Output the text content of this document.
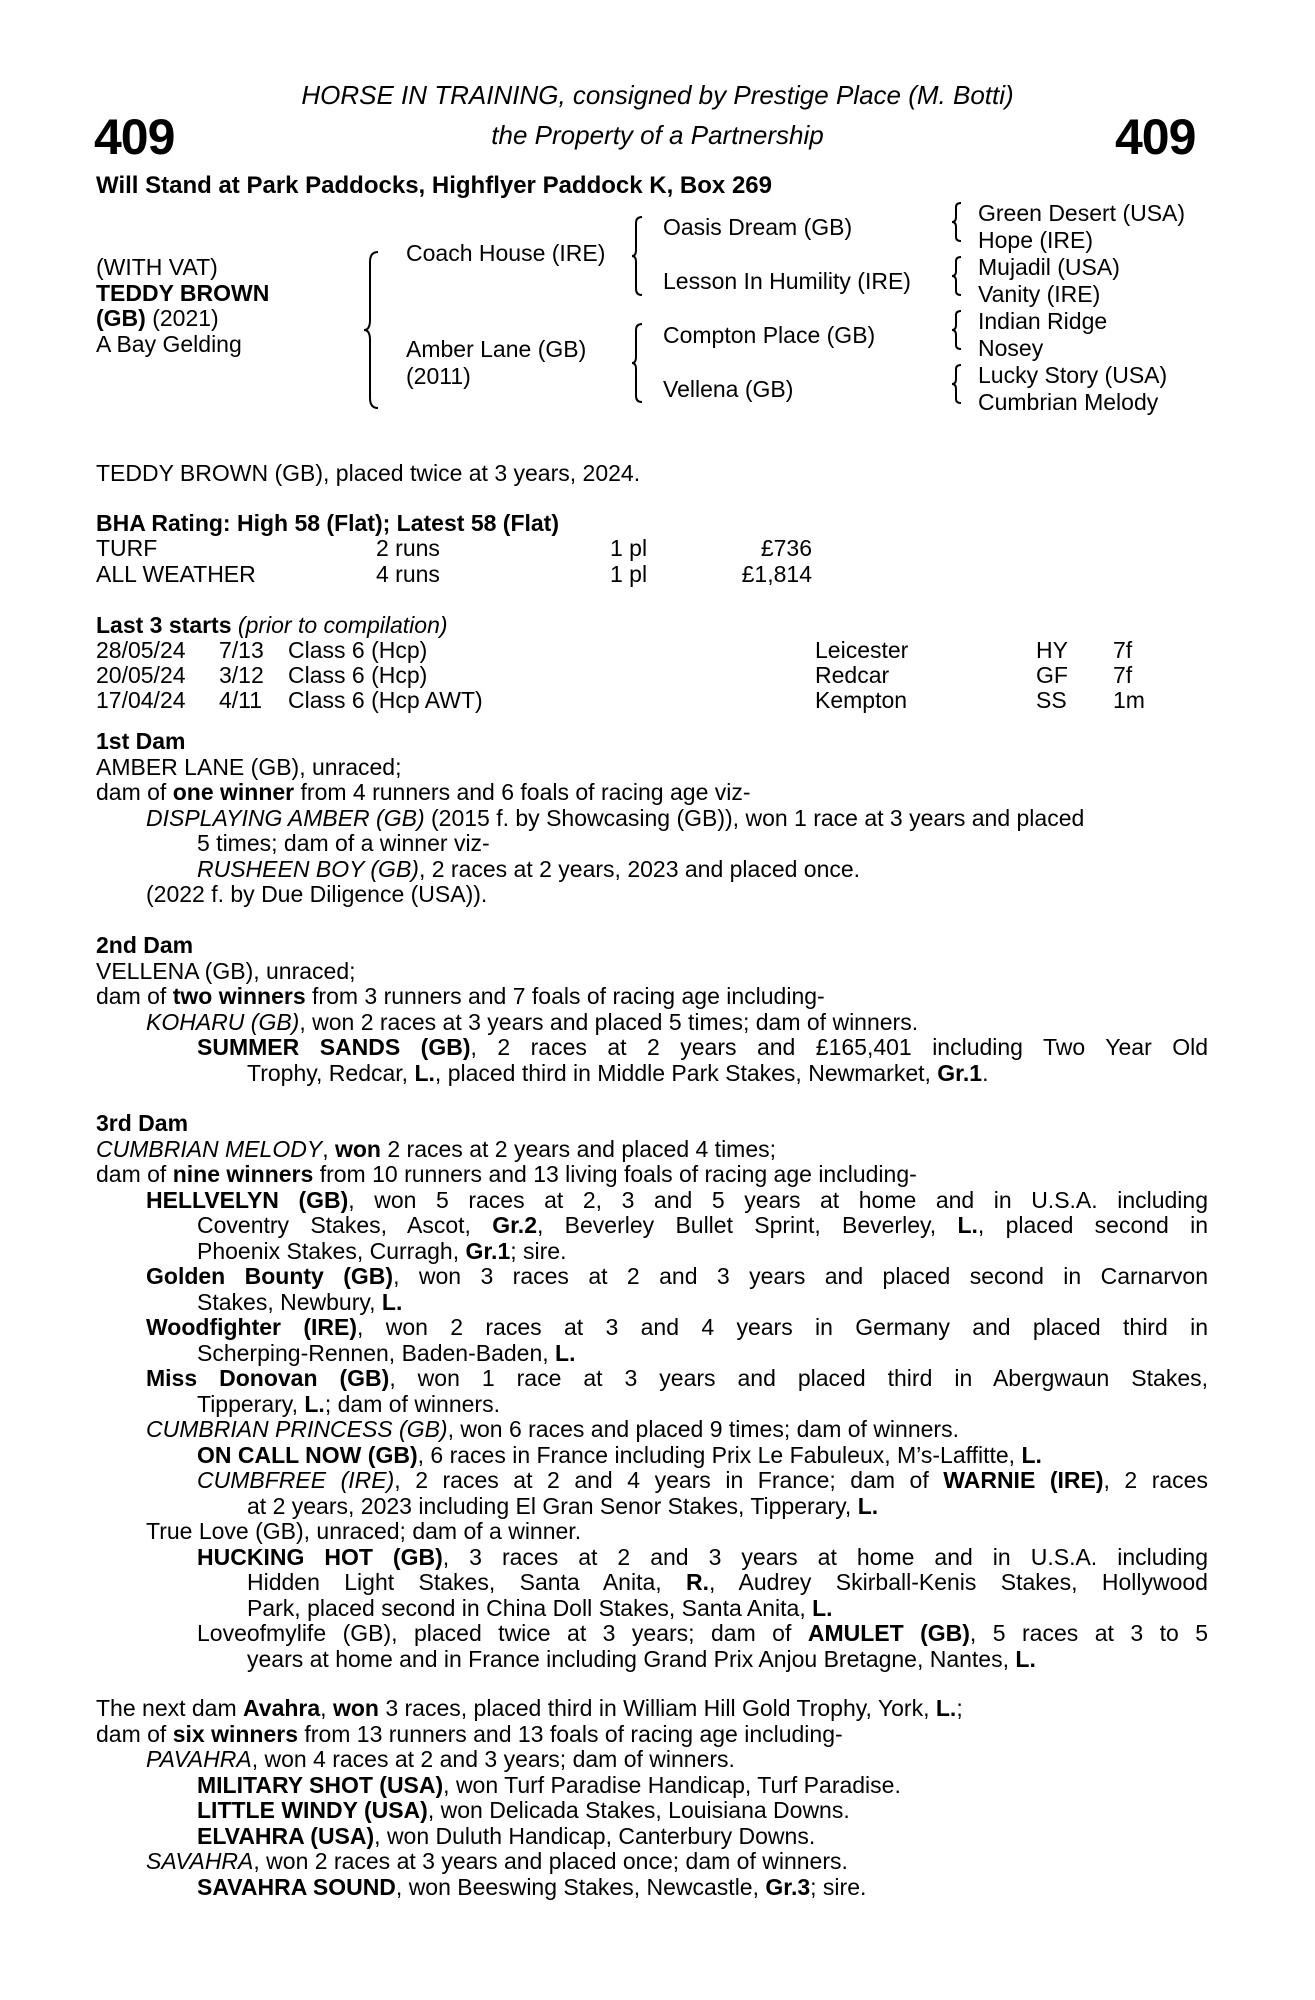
409	409
HORSE IN TRAINING, consigned by Prestige Place (M. Botti)
the Property of a Partnership
Will Stand at Park Paddocks, Highflyer Paddock K, Box 269
(WITH VAT)
TEDDY BROWN
(GB) (2021)
A Bay Gelding
Coach House (IRE)
Amber Lane (GB)
(2011)
Oasis Dream (GB)
Lesson In Humility (IRE)
Compton Place (GB)
Vellena (GB)
Green Desert (USA)
Hope (IRE)
Mujadil (USA)
Vanity (IRE)
Indian Ridge
Nosey
Lucky Story (USA)
Cumbrian Melody
TEDDY BROWN (GB), placed twice at 3 years, 2024.
BHA Rating: High 58 (Flat); Latest 58 (Flat)
TURF	2 runs	1 pl	£736
ALL WEATHER	4 runs	1 pl	£1,814
Last 3 starts (prior to compilation)
28/05/24 7/13 Class 6 (Hcp)	Leicester	HY 7f
20/05/24 3/12 Class 6 (Hcp)	Redcar	GF 7f
17/04/24 4/11 Class 6 (Hcp AWT)	Kempton	SS 1m
1st Dam
AMBER LANE (GB), unraced;
dam of one winner from 4 runners and 6 foals of racing age viz-
DISPLAYING AMBER (GB) (2015 f. by Showcasing (GB)), won 1 race at 3 years and placed
5 times; dam of a winner viz-
RUSHEEN BOY (GB), 2 races at 2 years, 2023 and placed once.
(2022 f. by Due Diligence (USA)).
2nd Dam
VELLENA (GB), unraced;
dam of two winners from 3 runners and 7 foals of racing age including-
KOHARU (GB), won 2 races at 3 years and placed 5 times; dam of winners.
SUMMER SANDS (GB), 2 races at 2 years and £165,401 including Two Year Old
Trophy, Redcar, L., placed third in Middle Park Stakes, Newmarket, Gr.1.
3rd Dam
CUMBRIAN MELODY, won 2 races at 2 years and placed 4 times;
dam of nine winners from 10 runners and 13 living foals of racing age including-
HELLVELYN (GB), won 5 races at 2, 3 and 5 years at home and in U.S.A. including
Coventry Stakes, Ascot, Gr.2, Beverley Bullet Sprint, Beverley, L., placed second in
Phoenix Stakes, Curragh, Gr.1; sire.
Golden Bounty (GB), won 3 races at 2 and 3 years and placed second in Carnarvon
Stakes, Newbury, L.
Woodfighter (IRE), won 2 races at 3 and 4 years in Germany and placed third in
Scherping-Rennen, Baden-Baden, L.
Miss Donovan (GB), won 1 race at 3 years and placed third in Abergwaun Stakes,
Tipperary, L.; dam of winners.
CUMBRIAN PRINCESS (GB), won 6 races and placed 9 times; dam of winners.
ON CALL NOW (GB), 6 races in France including Prix Le Fabuleux, M’s-Laffitte, L.
CUMBFREE (IRE), 2 races at 2 and 4 years in France; dam of WARNIE (IRE), 2 races
at 2 years, 2023 including El Gran Senor Stakes, Tipperary, L.
True Love (GB), unraced; dam of a winner.
HUCKING HOT (GB), 3 races at 2 and 3 years at home and in U.S.A. including
Hidden Light Stakes, Santa Anita, R., Audrey Skirball-Kenis Stakes, Hollywood
Park, placed second in China Doll Stakes, Santa Anita, L.
Loveofmylife (GB), placed twice at 3 years; dam of AMULET (GB), 5 races at 3 to 5
years at home and in France including Grand Prix Anjou Bretagne, Nantes, L.
The next dam Avahra, won 3 races, placed third in William Hill Gold Trophy, York, L.;
dam of six winners from 13 runners and 13 foals of racing age including-
PAVAHRA, won 4 races at 2 and 3 years; dam of winners.
MILITARY SHOT (USA), won Turf Paradise Handicap, Turf Paradise.
LITTLE WINDY (USA), won Delicada Stakes, Louisiana Downs.
ELVAHRA (USA), won Duluth Handicap, Canterbury Downs.
SAVAHRA, won 2 races at 3 years and placed once; dam of winners.
SAVAHRA SOUND, won Beeswing Stakes, Newcastle, Gr.3; sire.
